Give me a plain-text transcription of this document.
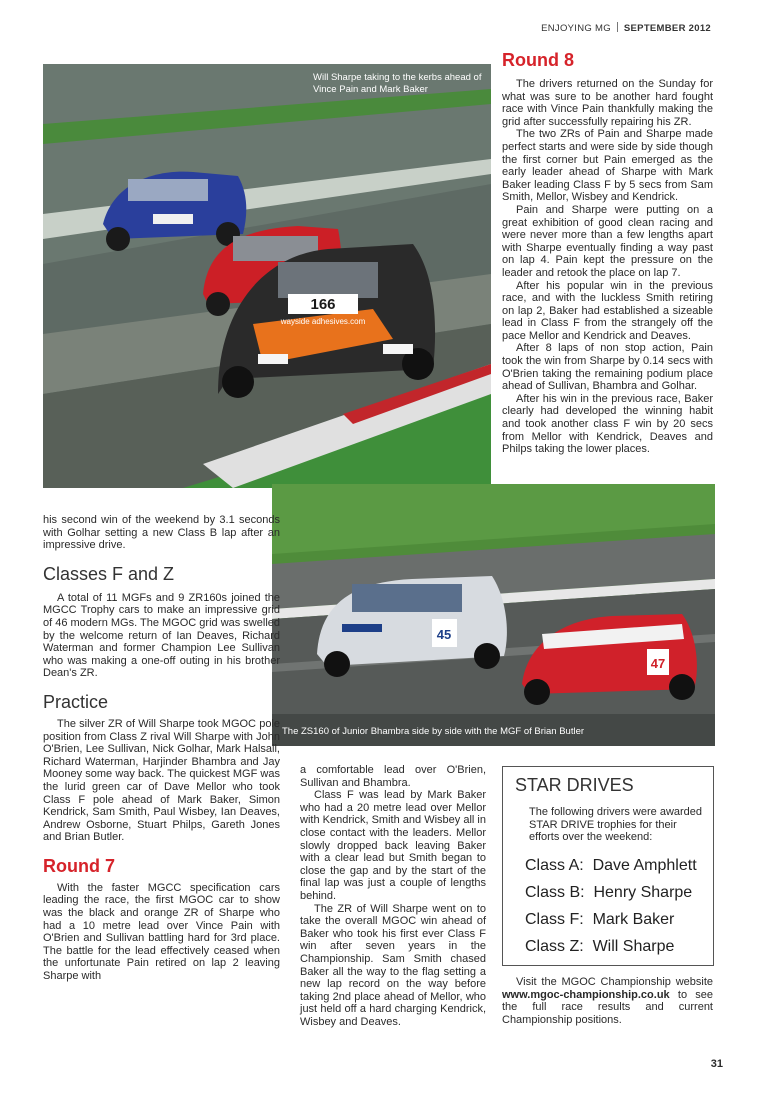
ENJOYING MG SEPTEMBER 2012
166
wayside adhesives.com
Will Sharpe taking to the kerbs ahead of Vince Pain and Mark Baker
Round 8

The drivers returned on the Sunday for what was sure to be another hard fought race with Vince Pain thankfully making the grid after successfully repairing his ZR.

The two ZRs of Pain and Sharpe made perfect starts and were side by side though the first corner but Pain emerged as the early leader ahead of Sharpe with Mark Baker leading Class F by 5 secs from Sam Smith, Mellor, Wisbey and Kendrick.

Pain and Sharpe were putting on a great exhibition of good clean racing and were never more than a few lengths apart with Sharpe eventually finding a way past on lap 4. Pain kept the pressure on the leader and retook the place on lap 7.

After his popular win in the previous race, and with the luckless Smith retiring on lap 2, Baker had established a sizeable lead in Class F from the strangely off the pace Mellor and Kendrick and Deaves.

After 8 laps of non stop action, Pain took the win from Sharpe by 0.14 secs with O'Brien taking the remaining podium place ahead of Sullivan, Bhambra and Golhar.

After his win in the previous race, Baker clearly had developed the winning habit and took another class F win by 20 secs from Mellor with Kendrick, Deaves and Philps taking the lower places.

45
47
The ZS160 of Junior Bhambra side by side with the MGF of Brian Butler

his second win of the weekend by 3.1 seconds with Golhar setting a new Class B lap after an impressive drive.

Classes F and Z

A total of 11 MGFs and 9 ZR160s joined the MGCC Trophy cars to make an impressive grid of 46 modern MGs. The MGOC grid was swelled by the welcome return of Ian Deaves, Richard Waterman and former Champion Lee Sullivan who was making a one-off outing in his brother Dean's ZR.

Practice

The silver ZR of Will Sharpe took MGOC pole position from Class Z rival Will Sharpe with John O'Brien, Lee Sullivan, Nick Golhar, Mark Halsall, Richard Waterman, Harjinder Bhambra and Jay Mooney some way back. The quickest MGF was the lurid green car of Dave Mellor who took Class F pole ahead of Mark Baker, Simon Kendrick, Sam Smith, Paul Wisbey, Ian Deaves, Andrew Osborne, Stuart Philps, Gareth Jones and Brian Butler.

Round 7

With the faster MGCC specification cars leading the race, the first MGOC car to show was the black and orange ZR of Sharpe who had a 10 metre lead over Vince Pain with O'Brien and Sullivan battling hard for 3rd place. The battle for the lead effectively ceased when the unfortunate Pain retired on lap 2 leaving Sharpe with

a comfortable lead over O'Brien, Sullivan and Bhambra.

Class F was lead by Mark Baker who had a 20 metre lead over Mellor with Kendrick, Smith and Wisbey all in close contact with the leaders. Mellor slowly dropped back leaving Baker with a clear lead but Smith began to close the gap and by the start of the final lap was just a couple of lengths behind.

The ZR of Will Sharpe went on to take the overall MGOC win ahead of Baker who took his first ever Class F win after seven years in the Championship. Sam Smith chased Baker all the way to the flag setting a new lap record on the way before taking 2nd place ahead of Mellor, who just held off a hard charging Kendrick, Wisbey and Deaves.

STAR DRIVES

The following drivers were awarded STAR DRIVE trophies for their efforts over the weekend:

Class A: Dave Amphlett
Class B: Henry Sharpe
Class F: Mark Baker
Class Z: Will Sharpe

Visit the MGOC Championship website www.mgoc-championship.co.uk to see the full race results and current Championship positions.

31
